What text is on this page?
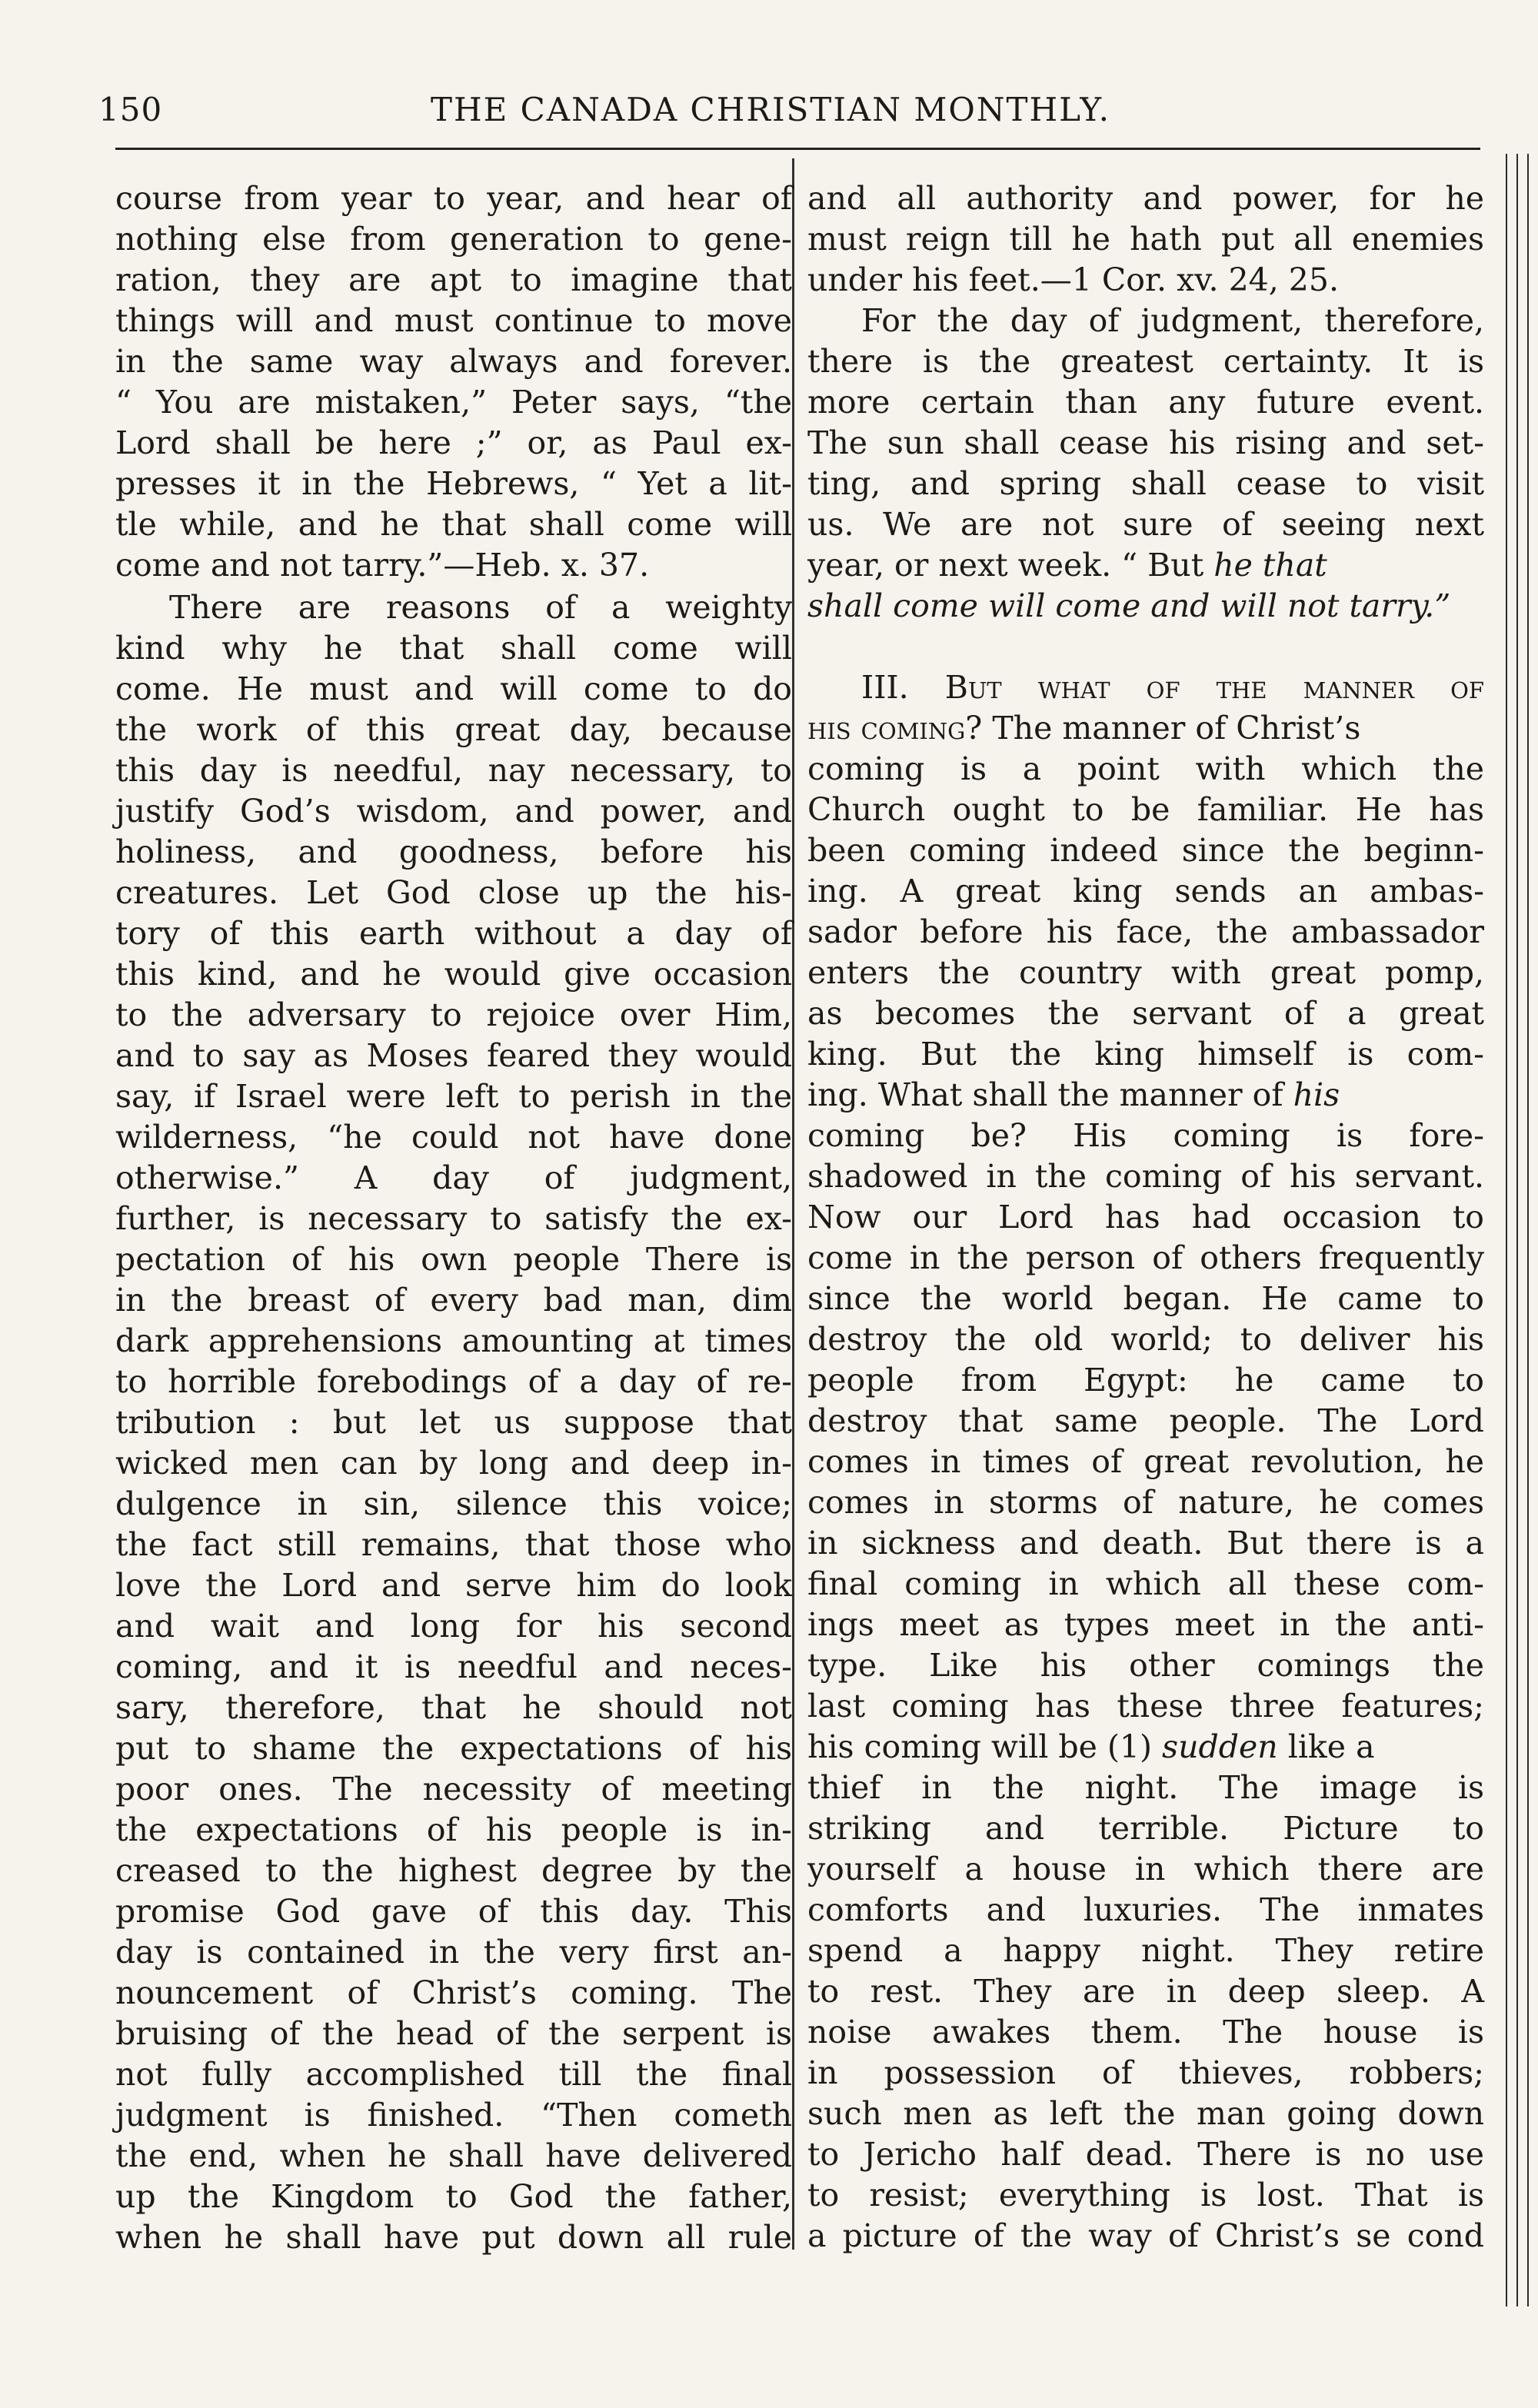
150	THE CANADA CHRISTIAN MONTHLY.
course from year to year, and hear of
nothing else from generation to gene-
ration, they are apt to imagine that
things will and must continue to move
in the same way always and forever.
“ You are mistaken,” Peter says, “the
Lord shall be here ;” or, as Paul ex-
presses it in the Hebrews, “ Yet a lit-
tle while, and he that shall come will
come and not tarry.”—Heb. x. 37.
There are reasons of a weighty
kind why he that shall come will
come. He must and will come to do
the work of this great day, because
this day is needful, nay necessary, to
justify God’s wisdom, and power, and
holiness, and goodness, before his
creatures. Let God close up the his-
tory of this earth without a day of
this kind, and he would give occasion
to the adversary to rejoice over Him,
and to say as Moses feared they would
say, if Israel were left to perish in the
wilderness, “he could not have done
otherwise.” A day of judgment,
further, is necessary to satisfy the ex-
pectation of his own people There is
in the breast of every bad man, dim
dark apprehensions amounting at times
to horrible forebodings of a day of re-
tribution : but let us suppose that
wicked men can by long and deep in-
dulgence in sin, silence this voice;
the fact still remains, that those who
love the Lord and serve him do look
and wait and long for his second
coming, and it is needful and neces-
sary, therefore, that he should not
put to shame the expectations of his
poor ones. The necessity of meeting
the expectations of his people is in-
creased to the highest degree by the
promise God gave of this day. This
day is contained in the very first an-
nouncement of Christ’s coming. The
bruising of the head of the serpent is
not fully accomplished till the final
judgment is finished. “Then cometh
the end, when he shall have delivered
up the Kingdom to God the father,
when he shall have put down all rule
and all authority and power, for he
must reign till he hath put all enemies
under his feet.—1 Cor. xv. 24, 25.
For the day of judgment, therefore,
there is the greatest certainty. It is
more certain than any future event.
The sun shall cease his rising and set-
ting, and spring shall cease to visit
us. We are not sure of seeing next
year, or next week. “ But he that
shall come will come and will not tarry.”
III. But what of the manner of
his coming? The manner of Christ’s
coming is a point with which the
Church ought to be familiar. He has
been coming indeed since the beginn-
ing. A great king sends an ambas-
sador before his face, the ambassador
enters the country with great pomp,
as becomes the servant of a great
king. But the king himself is com-
ing. What shall the manner of his
coming be? His coming is fore-
shadowed in the coming of his servant.
Now our Lord has had occasion to
come in the person of others frequently
since the world began. He came to
destroy the old world; to deliver his
people from Egypt: he came to
destroy that same people. The Lord
comes in times of great revolution, he
comes in storms of nature, he comes
in sickness and death. But there is a
final coming in which all these com-
ings meet as types meet in the anti-
type. Like his other comings the
last coming has these three features;
his coming will be (1) sudden like a
thief in the night. The image is
striking and terrible. Picture to
yourself a house in which there are
comforts and luxuries. The inmates
spend a happy night. They retire
to rest. They are in deep sleep. A
noise awakes them. The house is
in possession of thieves, robbers;
such men as left the man going down
to Jericho half dead. There is no use
to resist; everything is lost. That is
a picture of the way of Christ’s se cond
